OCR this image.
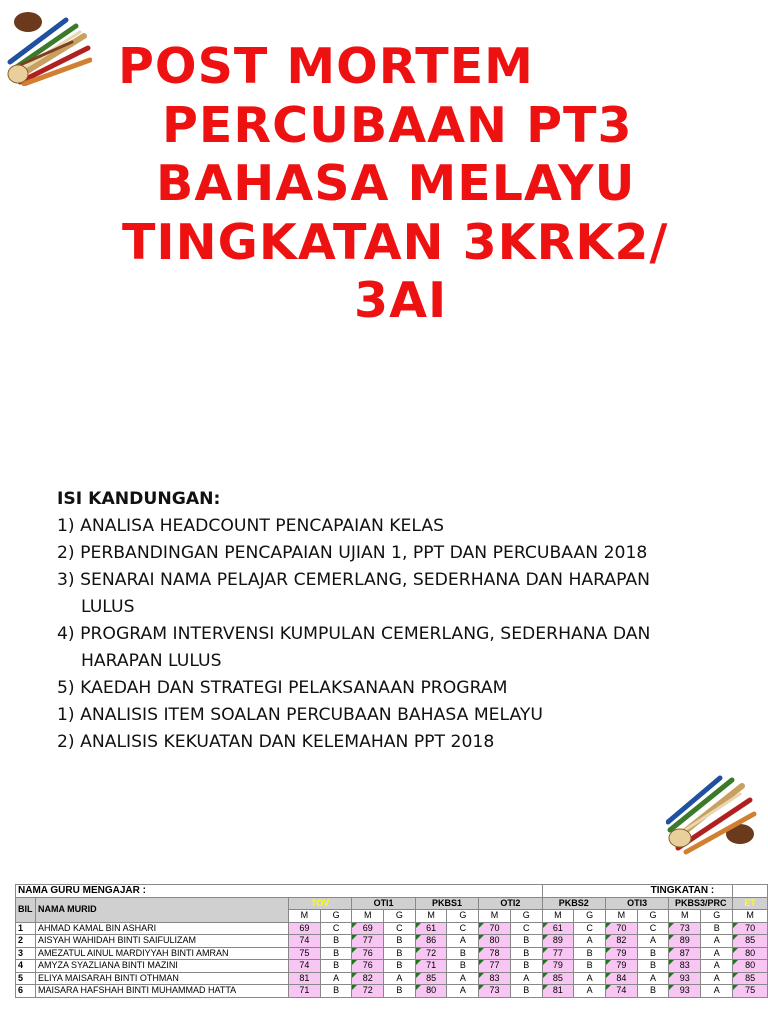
POST MORTEM
PERCUBAAN PT3
BAHASA MELAYU
TINGKATAN 3KRK2/
3AI
ISI KANDUNGAN:
1) ANALISA HEADCOUNT PENCAPAIAN KELAS
2) PERBANDINGAN PENCAPAIAN UJIAN 1, PPT DAN PERCUBAAN 2018
3) SENARAI NAMA PELAJAR CEMERLANG, SEDERHANA DAN HARAPAN
LULUS
4) PROGRAM INTERVENSI KUMPULAN CEMERLANG, SEDERHANA DAN
HARAPAN LULUS
5) KAEDAH DAN STRATEGI PELAKSANAAN PROGRAM
1) ANALISIS ITEM SOALAN PERCUBAAN BAHASA MELAYU
2) ANALISIS KEKUATAN DAN KELEMAHAN PPT 2018
NAMA GURU MENGAJAR :										TINGKATAN :						
BIL	NAMA MURID	TOV		OTI1		PKBS1		OTI2		PKBS2		OTI3		PKBS3/PRC		ET
		M	G	M	G	M	G	M	G	M	G	M	G	M	G	M
1	AHMAD KAMAL BIN ASHARI	69	C	69	C	61	C	70	C	61	C	70	C	73	B	70
2	AISYAH WAHIDAH BINTI SAIFULIZAM	74	B	77	B	86	A	80	B	89	A	82	A	89	A	85
3	AMEZATUL AINUL MARDIYYAH BINTI AMRAN	75	B	76	B	72	B	78	B	77	B	79	B	87	A	80
4	AMYZA SYAZLIANA BINTI MAZINI	74	B	76	B	71	B	77	B	79	B	79	B	83	A	80
5	ELIYA MAISARAH BINTI OTHMAN	81	A	82	A	85	A	83	A	85	A	84	A	93	A	85
6	MAISARA HAFSHAH BINTI MUHAMMAD HATTA	71	B	72	B	80	A	73	B	81	A	74	B	93	A	75
